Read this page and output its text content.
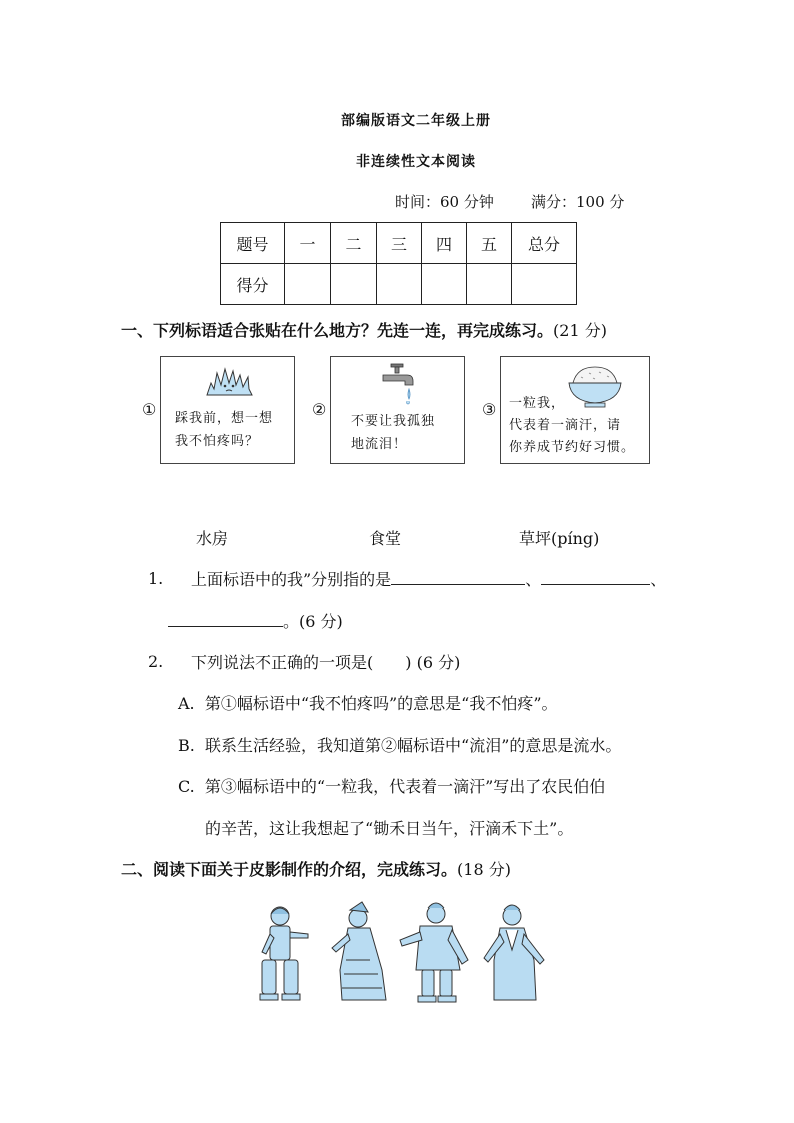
部编版语文二年级上册
非连续性文本阅读
时间：60 分钟 满分：100 分
题号	一	二	三	四	五	总分
得分						
一、下列标语适合张贴在什么地方？先连一连，再完成练习。(21 分)
① 踩我前，想一想
我不怕疼吗？
②
不要让我孤独
地流泪！
③ 一粒我，
代表着一滴汗，请
你养成节约好习惯。
水房	食堂	草坪(píng)
1. 上面标语中的我”分别指的是	、	、
。(6 分)
2. 下列说法不正确的一项是(　　) (6 分)
A.  第①幅标语中“我不怕疼吗”的意思是“我不怕疼”。
B.  联系生活经验，我知道第②幅标语中“流泪”的意思是流水。
C.  第③幅标语中的“一粒我，代表着一滴汗”写出了农民伯伯
的辛苦，这让我想起了“锄禾日当午，汗滴禾下土”。
二、阅读下面关于皮影制作的介绍，完成练习。(18 分)
